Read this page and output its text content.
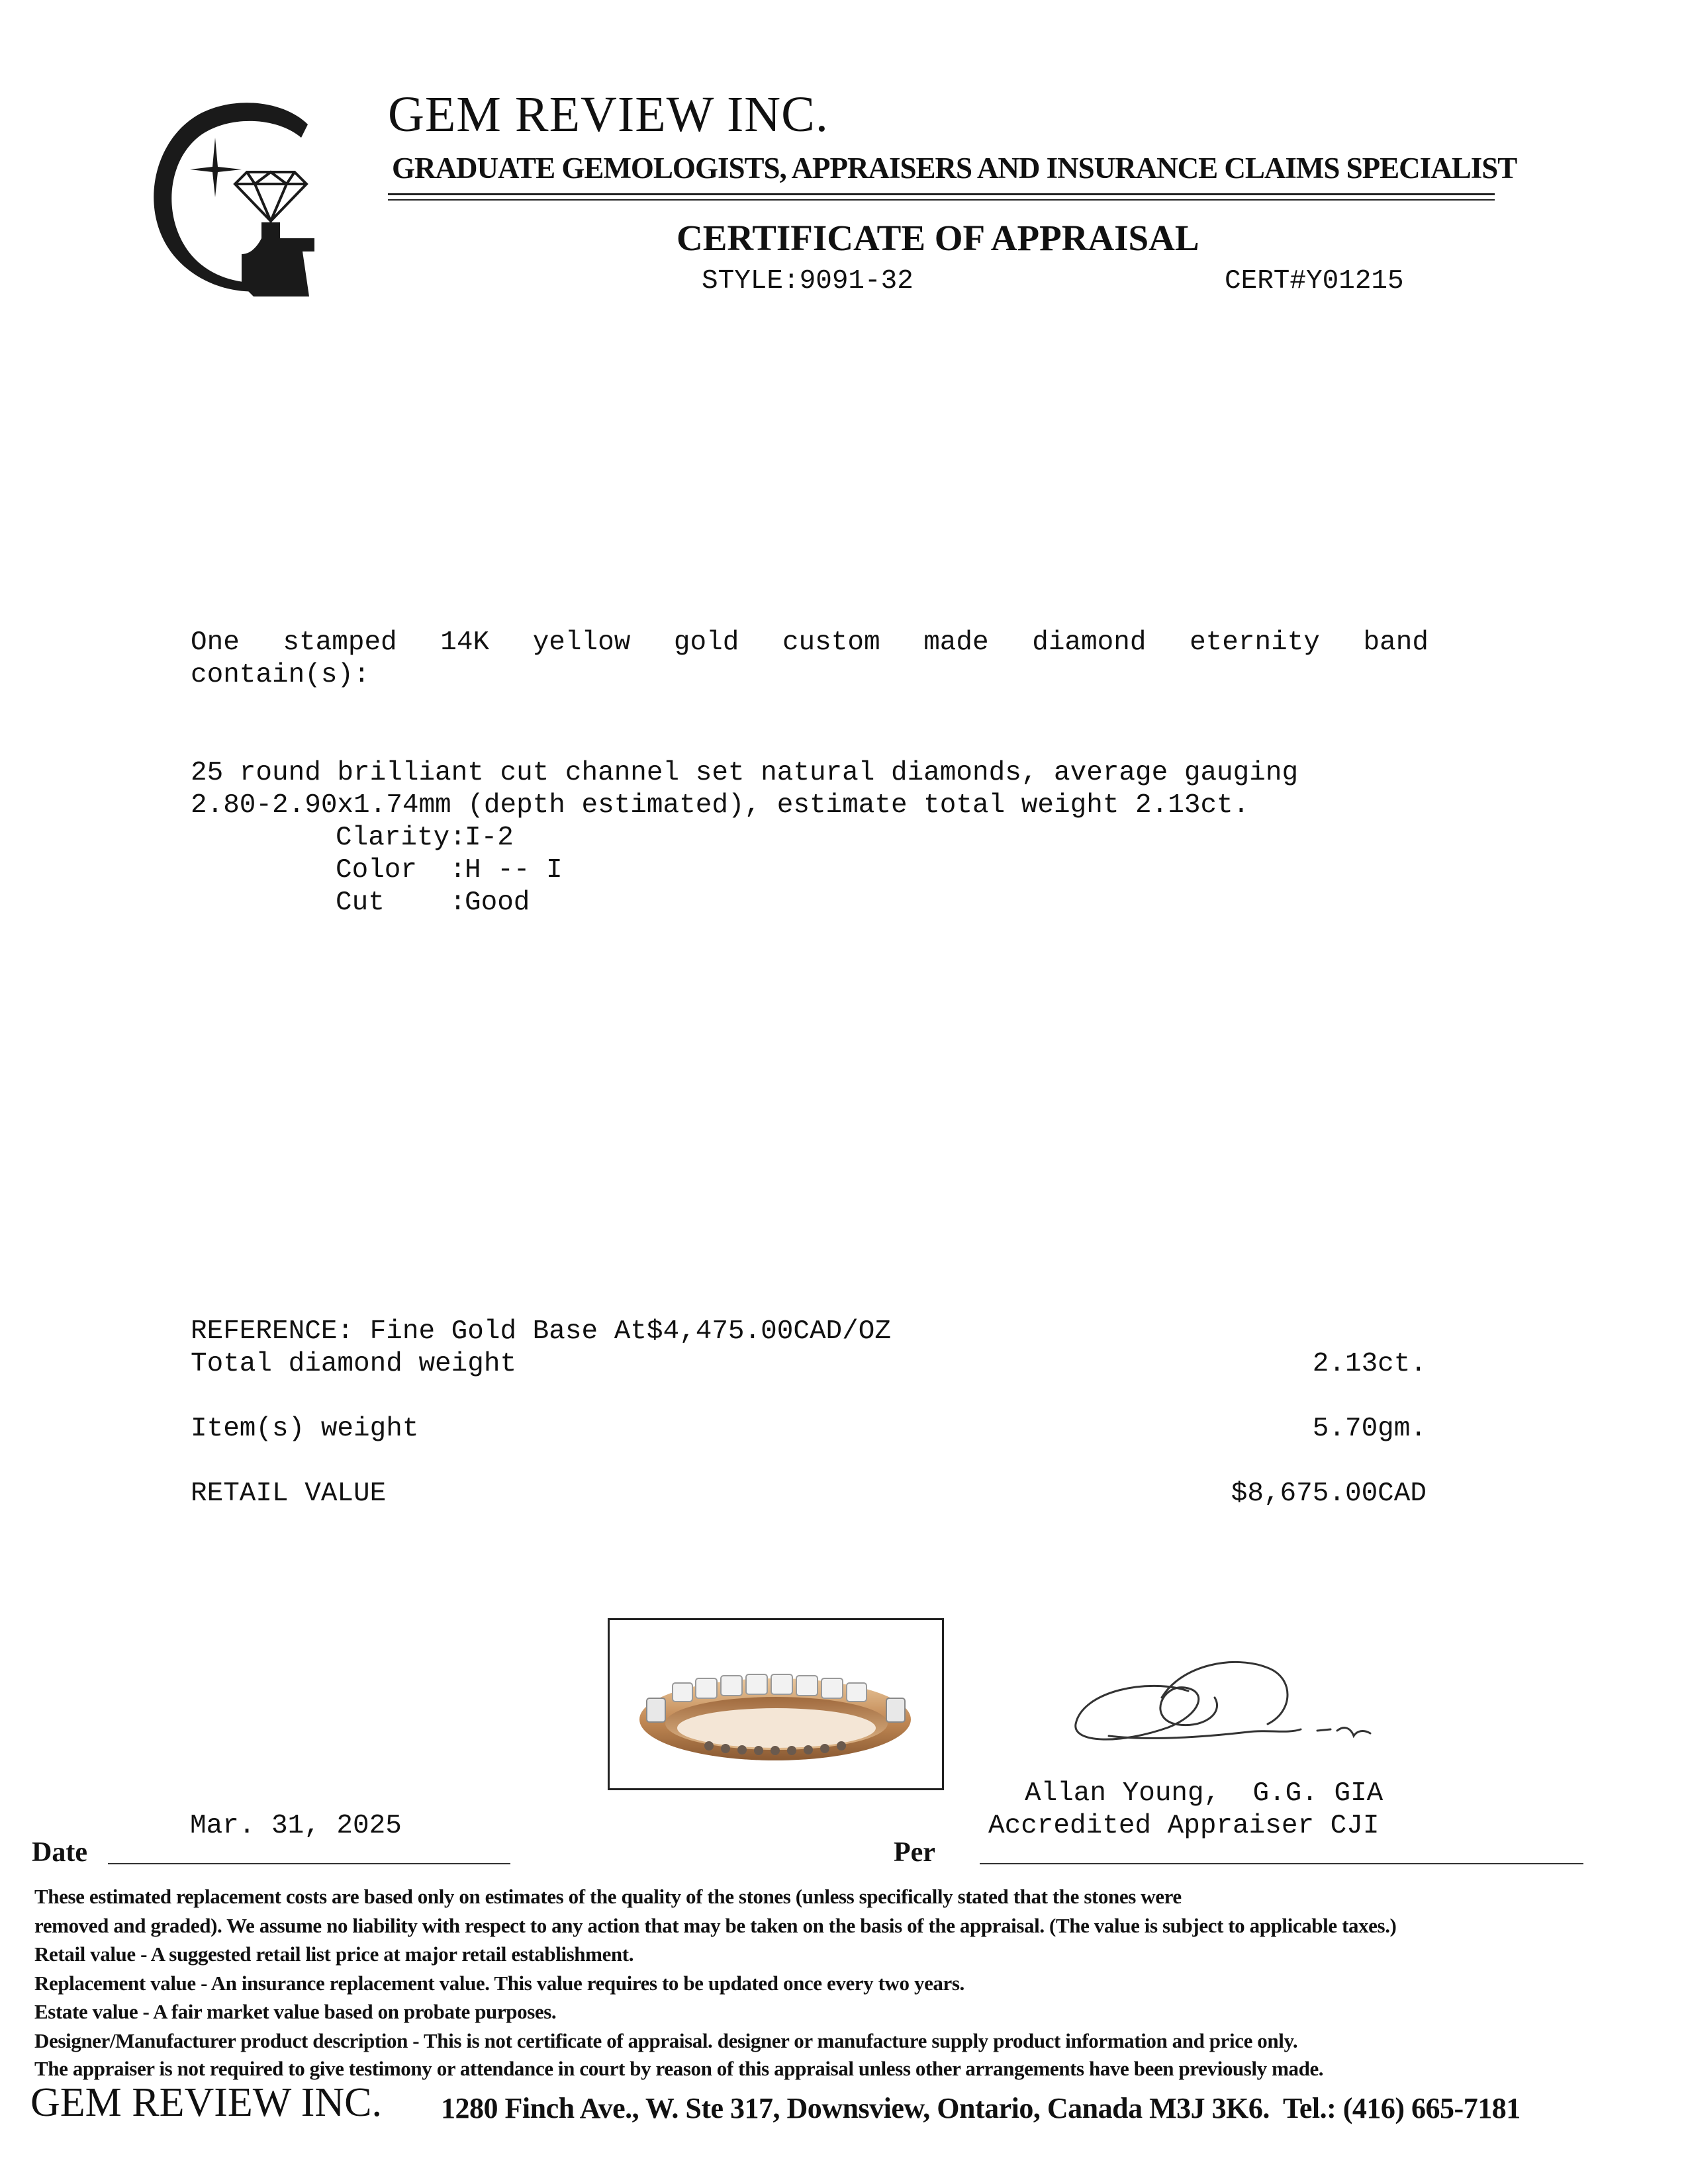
GEM REVIEW INC.
GRADUATE GEMOLOGISTS, APPRAISERS AND INSURANCE CLAIMS SPECIALIST
CERTIFICATE OF APPRAISAL
STYLE:9091-32	CERT#Y01215
One stamped 14K yellow gold custom made diamond eternity band
contain(s):
25 round brilliant cut channel set natural diamonds, average gauging
2.80-2.90x1.74mm (depth estimated), estimate total weight 2.13ct.
Clarity:I-2
Color  :H -- I
Cut    :Good
REFERENCE: Fine Gold Base At$4,475.00CAD/OZ
Total diamond weight	2.13ct.
Item(s) weight	5.70gm.
RETAIL VALUE	$8,675.00CAD
Allan Young,  G.G. GIA
Accredited Appraiser CJI
Mar. 31, 2025
Date	Per
These estimated replacement costs are based only on estimates of the quality of the stones (unless specifically stated that the stones were
removed and graded). We assume no liability with respect to any action that may be taken on the basis of the appraisal. (The value is subject to applicable taxes.)
Retail value - A suggested retail list price at major retail establishment.
Replacement value - An insurance replacement value. This value requires to be updated once every two years.
Estate value - A fair market value based on probate purposes.
Designer/Manufacturer product description - This is not certificate of appraisal. designer or manufacture supply product information and price only.
The appraiser is not required to give testimony or attendance in court by reason of this appraisal unless other arrangements have been previously made.
GEM REVIEW INC. 1280 Finch Ave., W. Ste 317, Downsview, Ontario, Canada M3J 3K6.  Tel.: (416) 665-7181
